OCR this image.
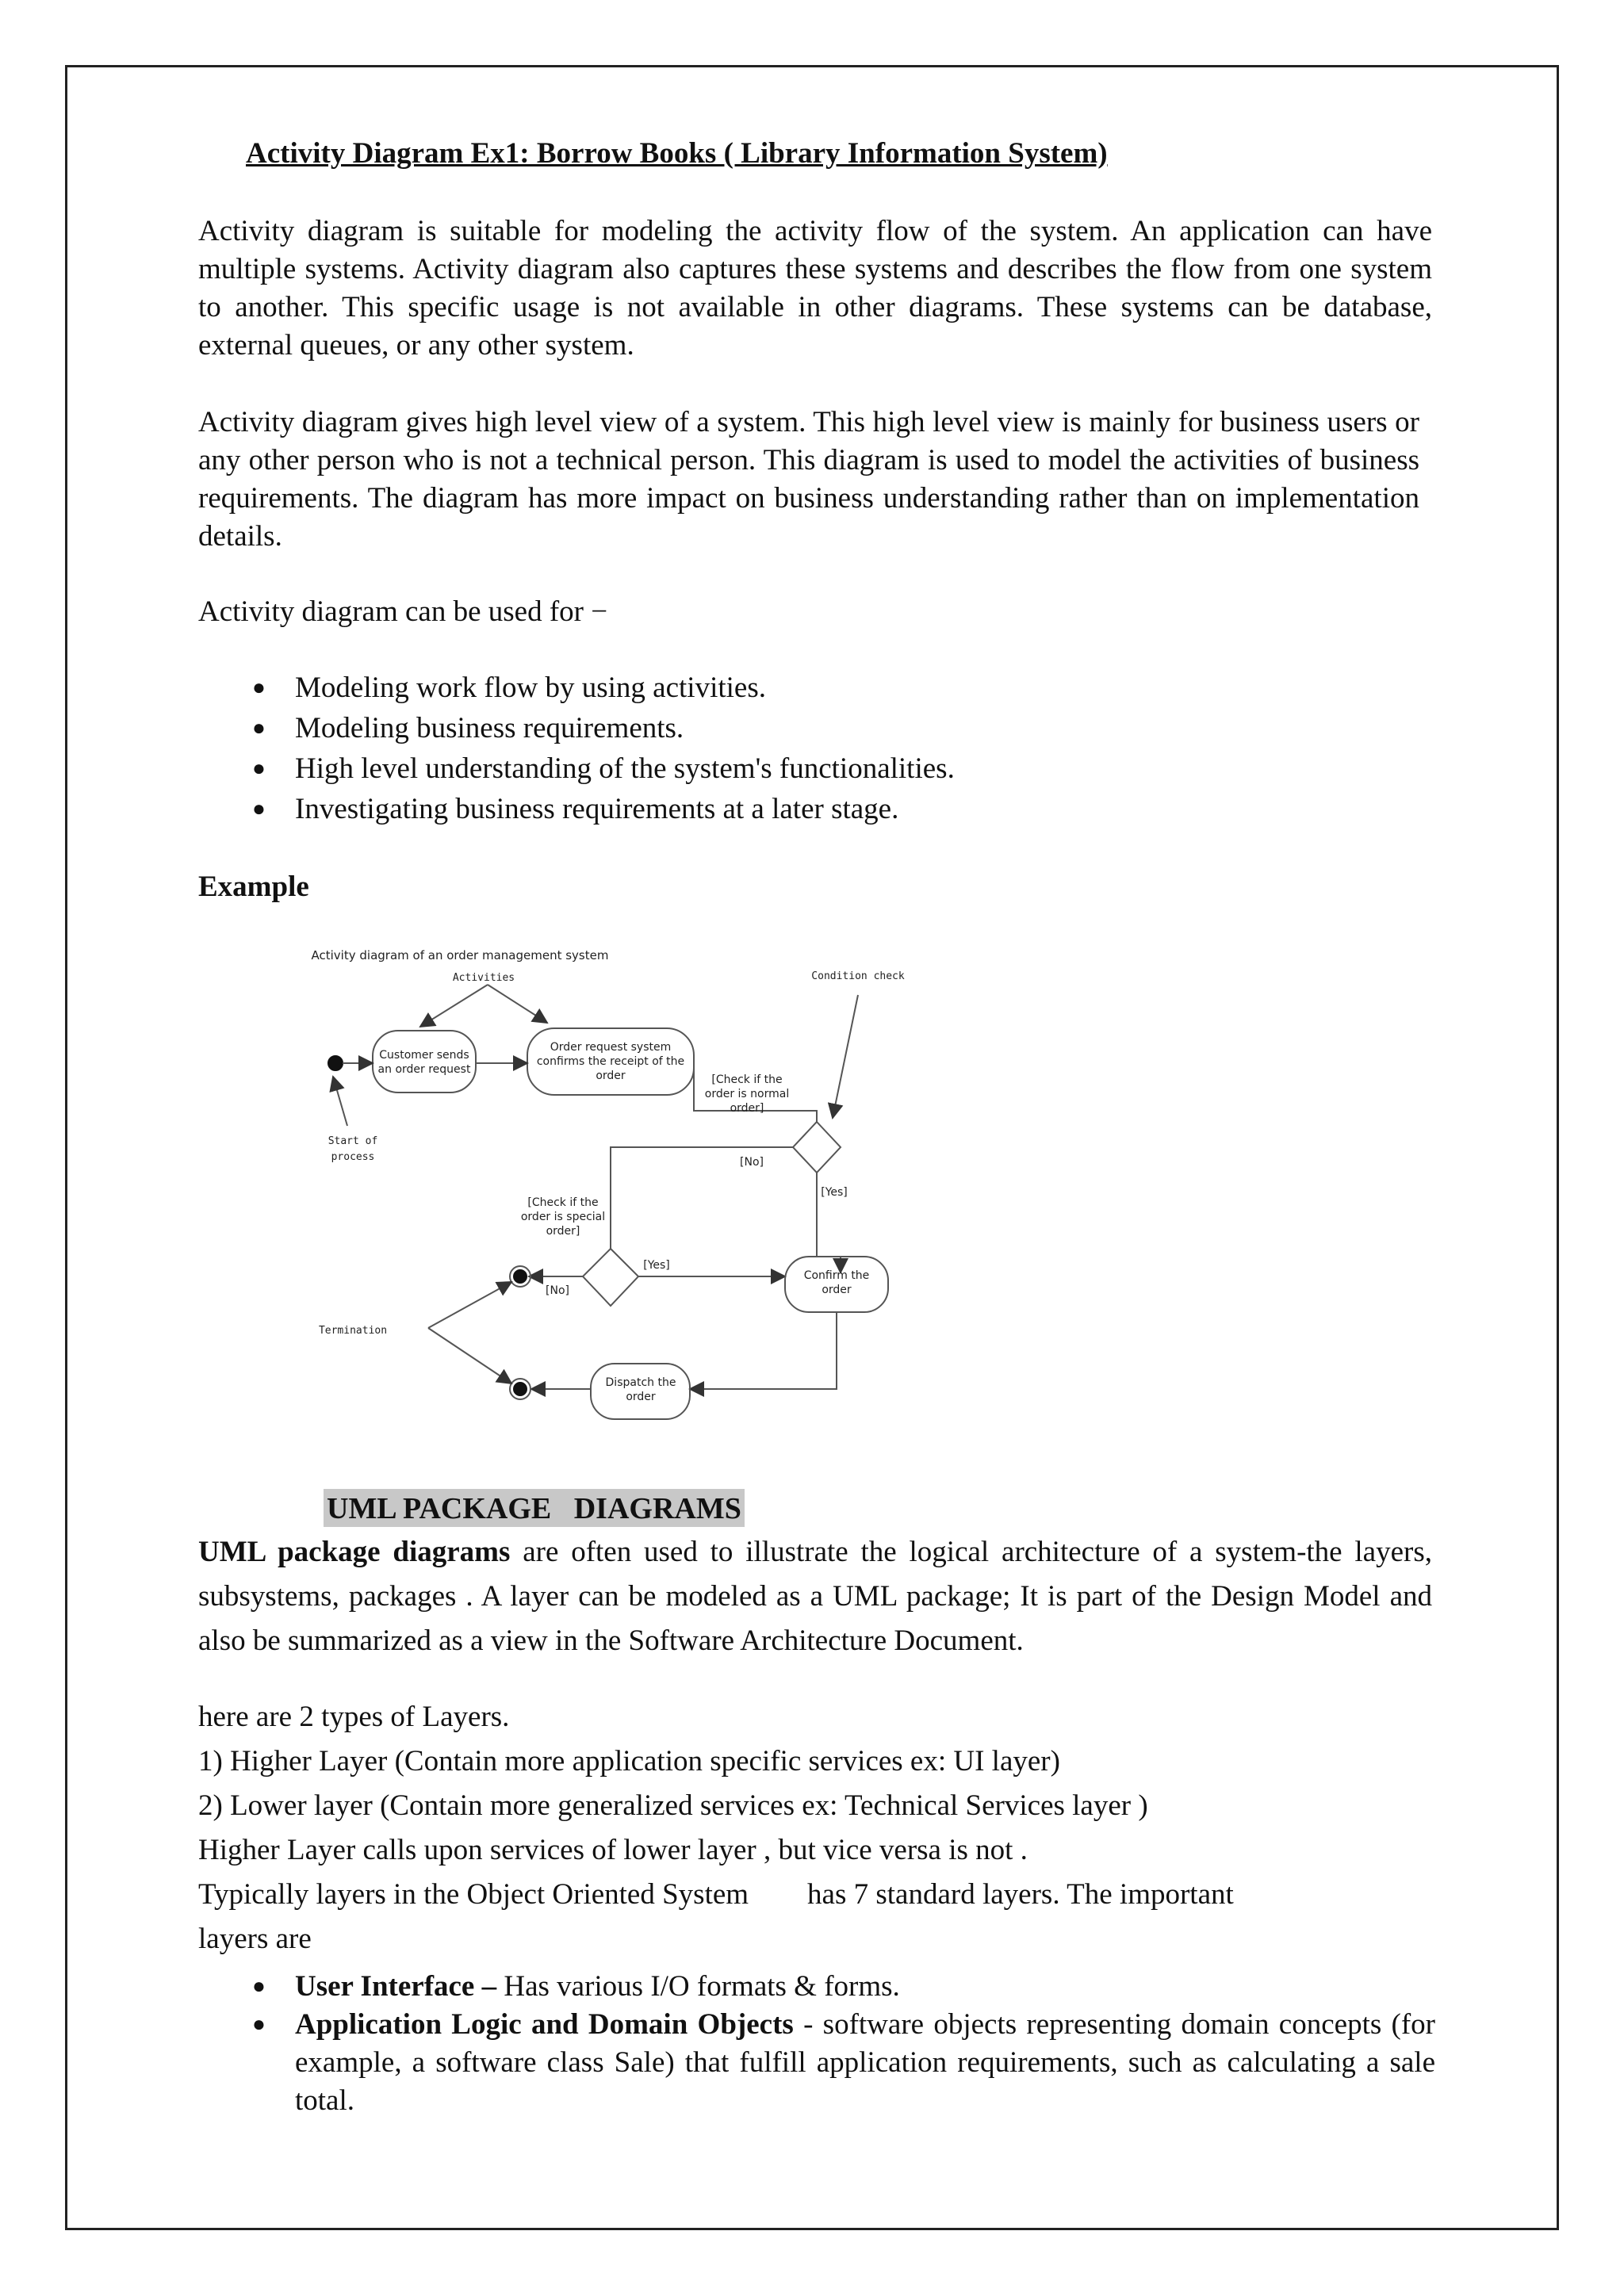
Activity Diagram Ex1: Borrow Books ( Library Information System)

Activity diagram is suitable for modeling the activity flow of the system. An application can have multiple systems. Activity diagram also captures these systems and describes the flow from one system to another. This specific usage is not available in other diagrams. These systems can be database, external queues, or any other system.

Activity diagram gives high level view of a system. This high level view is mainly for business users or any other person who is not a technical person. This diagram is used to model the activities of business requirements. The diagram has more impact on business understanding rather than on implementation details.

Activity diagram can be used for −

● Modeling work flow by using activities.
● Modeling business requirements.
● High level understanding of the system's functionalities.
● Investigating business requirements at a later stage.
Example
Activity diagram of an order management system
Activities	Condition check
Start of
process
Termination
Customer sends
an order request
Order request system
confirms the receipt of the
order	[Check if the
order is normal
order]
[Check if the
order is special
order]
[No]
[Yes]
[Yes]
[No]
Confirm the
order
Dispatch the
order
UML PACKAGE   DIAGRAMS

UML package diagrams are often used to illustrate the logical architecture of a system-the layers, subsystems, packages . A layer can be modeled as a UML package; It is part of the Design Model and also be summarized as a view in the Software Architecture Document.

here are 2 types of Layers.
1) Higher Layer (Contain more application specific services ex: UI layer)
2) Lower layer (Contain more generalized services ex: Technical Services layer )
Higher Layer calls upon services of lower layer , but vice versa is not .
Typically layers in the Object Oriented System        has 7 standard layers. The important
layers are
● User Interface – Has various I/O formats & forms.
● Application Logic and Domain Objects - software objects representing domain concepts (for example, a software class Sale) that fulfill application requirements, such as calculating a sale total.
